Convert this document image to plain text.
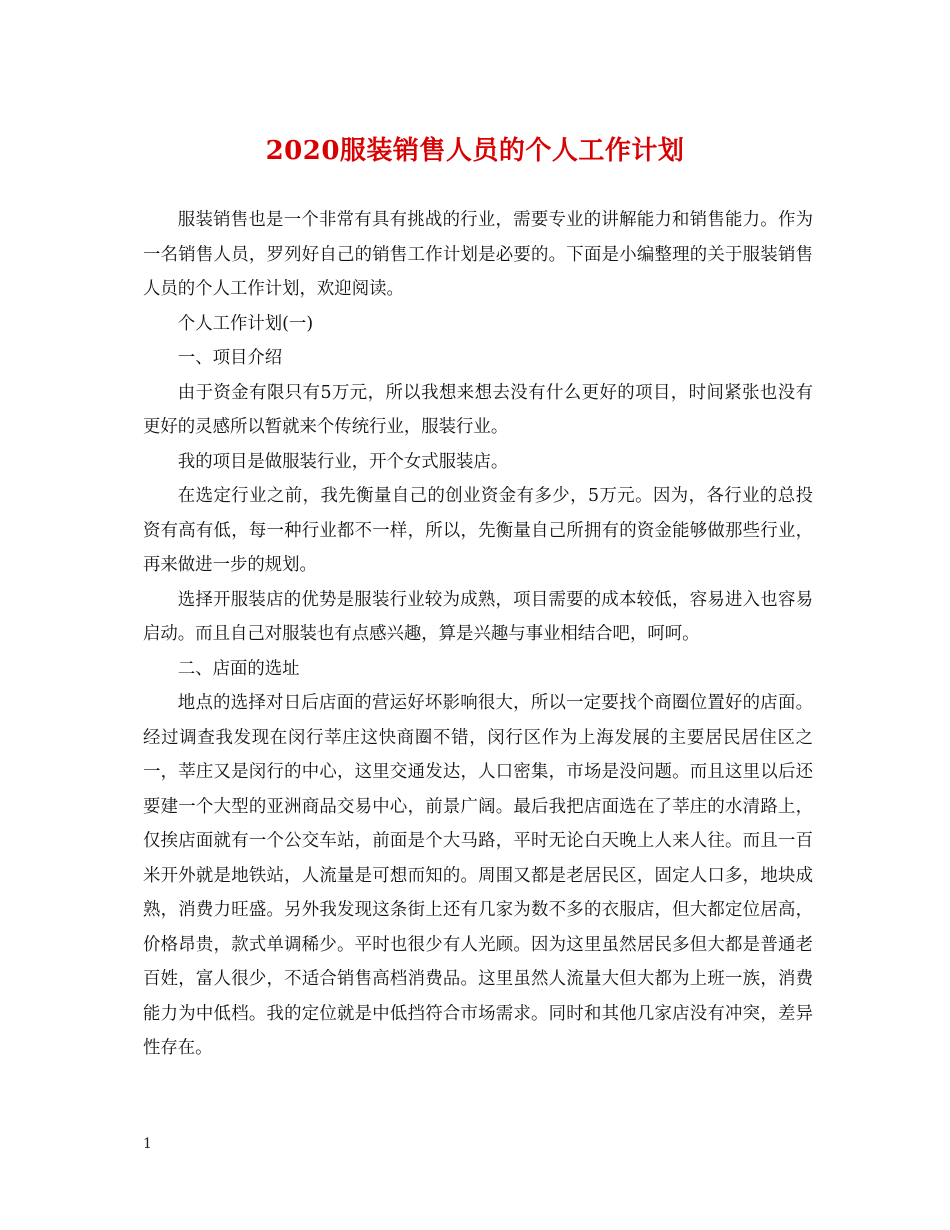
2020服装销售人员的个人工作计划

服装销售也是一个非常有具有挑战的行业，需要专业的讲解能力和销售能力。作为一名销售人员，罗列好自己的销售工作计划是必要的。下面是小编整理的关于服装销售人员的个人工作计划，欢迎阅读。

个人工作计划(一)

一、项目介绍

由于资金有限只有5万元，所以我想来想去没有什么更好的项目，时间紧张也没有更好的灵感所以暂就来个传统行业，服装行业。

我的项目是做服装行业，开个女式服装店。

在选定行业之前，我先衡量自己的创业资金有多少，5万元。因为，各行业的总投资有高有低，每一种行业都不一样，所以，先衡量自己所拥有的资金能够做那些行业，再来做进一步的规划。

选择开服装店的优势是服装行业较为成熟，项目需要的成本较低，容易进入也容易启动。而且自己对服装也有点感兴趣，算是兴趣与事业相结合吧，呵呵。

二、店面的选址

地点的选择对日后店面的营运好坏影响很大，所以一定要找个商圈位置好的店面。经过调查我发现在闵行莘庄这快商圈不错，闵行区作为上海发展的主要居民居住区之一，莘庄又是闵行的中心，这里交通发达，人口密集，市场是没问题。而且这里以后还要建一个大型的亚洲商品交易中心，前景广阔。最后我把店面选在了莘庄的水清路上，仅挨店面就有一个公交车站，前面是个大马路，平时无论白天晚上人来人往。而且一百米开外就是地铁站，人流量是可想而知的。周围又都是老居民区，固定人口多，地块成熟，消费力旺盛。另外我发现这条街上还有几家为数不多的衣服店，但大都定位居高，价格昂贵，款式单调稀少。平时也很少有人光顾。因为这里虽然居民多但大都是普通老百姓，富人很少，不适合销售高档消费品。这里虽然人流量大但大都为上班一族，消费能力为中低档。我的定位就是中低挡符合市场需求。同时和其他几家店没有冲突，差异性存在。

1
